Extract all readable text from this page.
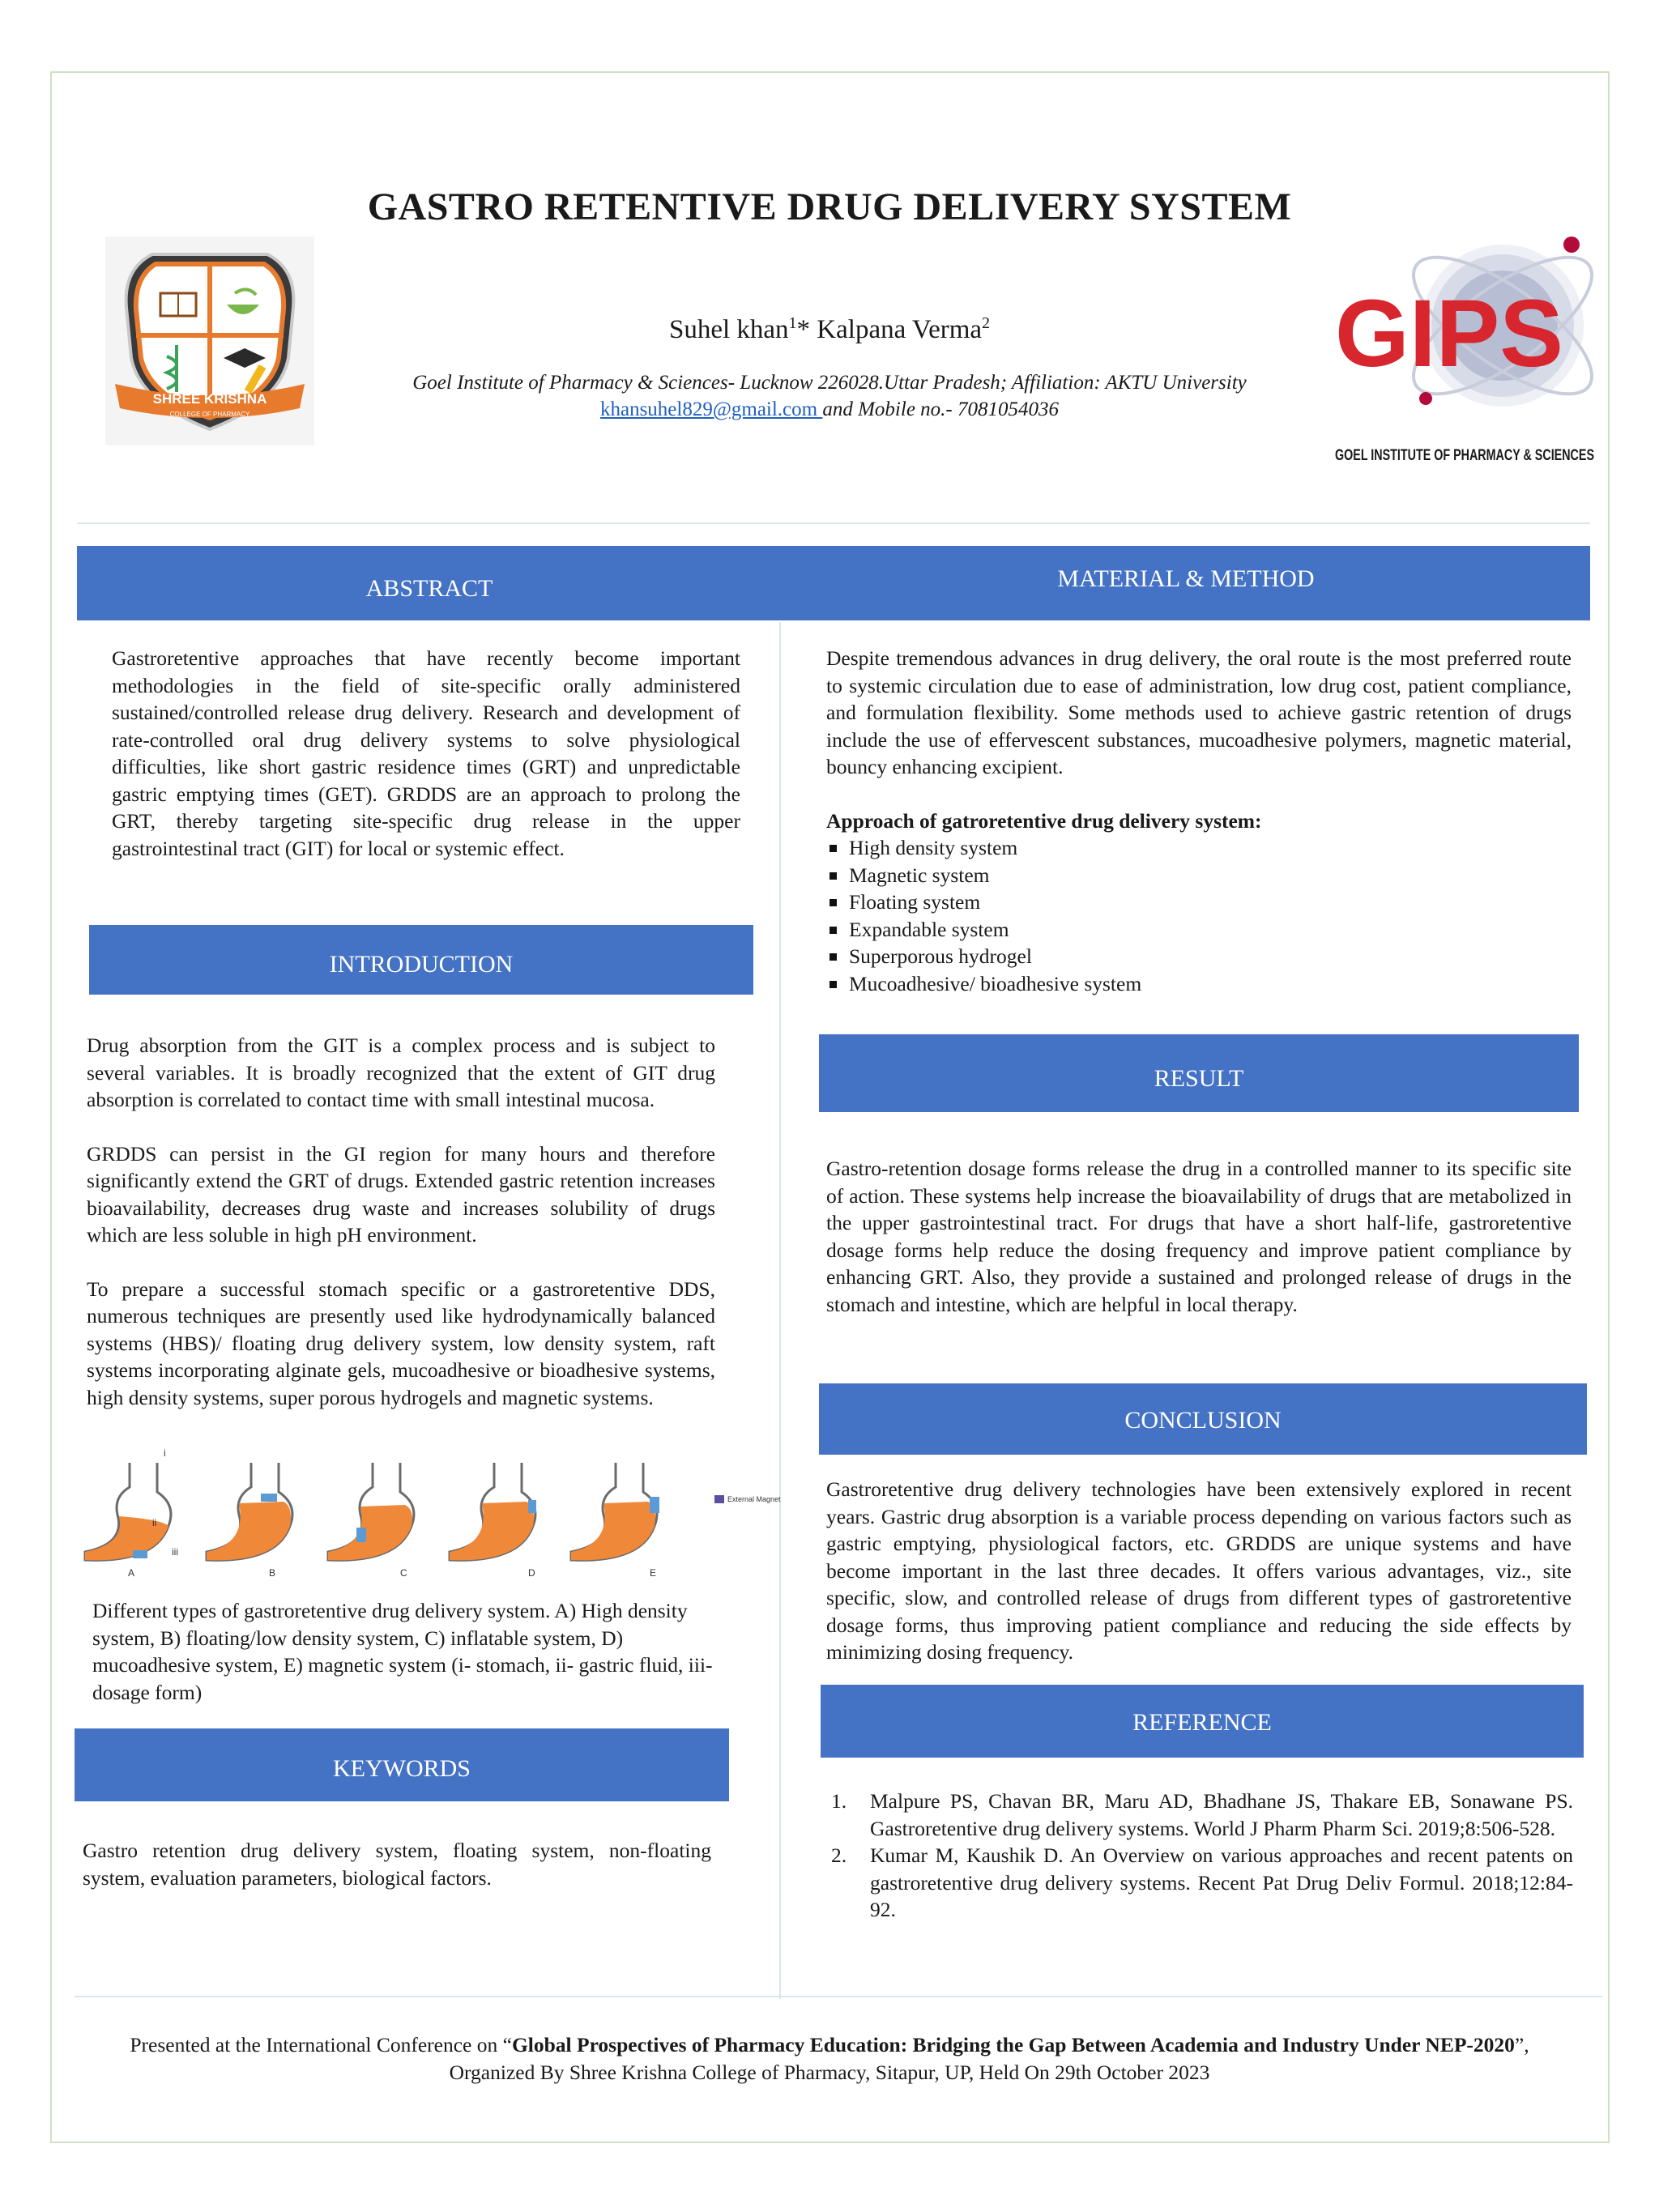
GASTRO RETENTIVE DRUG DELIVERY SYSTEM
Suhel khan$^1$* Kalpana Verma$^2$
Goel Institute of Pharmacy & Sciences- Lucknow 226028.Uttar Pradesh; Affiliation: AKTU University
khansuhel829@gmail.com and Mobile no.- 7081054036
SHREE KRISHNA
COLLEGE OF PHARMACY
GIPS
GOEL INSTITUTE OF PHARMACY & SCIENCES
ABSTRACT	MATERIAL & METHOD
Gastroretentive approaches that have recently become important methodologies in the field of site-specific orally administered sustained/controlled release drug delivery. Research and development of rate-controlled oral drug delivery systems to solve physiological difficulties, like short gastric residence times (GRT) and unpredictable gastric emptying times (GET). GRDDS are an approach to prolong the GRT, thereby targeting site-specific drug release in the upper gastrointestinal tract (GIT) for local or systemic effect.
INTRODUCTION

Drug absorption from the GIT is a complex process and is subject to several variables. It is broadly recognized that the extent of GIT drug absorption is correlated to contact time with small intestinal mucosa.

GRDDS can persist in the GI region for many hours and therefore significantly extend the GRT of drugs. Extended gastric retention increases bioavailability, decreases drug waste and increases solubility of drugs which are less soluble in high pH environment.

To prepare a successful stomach specific or a gastroretentive DDS, numerous techniques are presently used like hydrodynamically balanced systems (HBS)/ floating drug delivery system, low density system, raft systems incorporating alginate gels, mucoadhesive or bioadhesive systems, high density systems, super porous hydrogels and magnetic systems.

i
ii
iii
External Magnet
A	B	C	D	E
Different types of gastroretentive drug delivery system. A) High density system, B) floating/low density system, C) inflatable system, D) mucoadhesive system, E) magnetic system (i- stomach, ii- gastric fluid, iii- dosage form)
KEYWORDS
Gastro retention drug delivery system, floating system, non-floating system, evaluation parameters, biological factors.

Despite tremendous advances in drug delivery, the oral route is the most preferred route to systemic circulation due to ease of administration, low drug cost, patient compliance, and formulation flexibility. Some methods used to achieve gastric retention of drugs include the use of effervescent substances, mucoadhesive polymers, magnetic material, bouncy enhancing excipient.

Approach of gatroretentive drug delivery system:
High density system
Magnetic system
Floating system
Expandable system
Superporous hydrogel
Mucoadhesive/ bioadhesive system
RESULT
Gastro-retention dosage forms release the drug in a controlled manner to its specific site of action. These systems help increase the bioavailability of drugs that are metabolized in the upper gastrointestinal tract. For drugs that have a short half-life, gastroretentive dosage forms help reduce the dosing frequency and improve patient compliance by enhancing GRT. Also, they provide a sustained and prolonged release of drugs in the stomach and intestine, which are helpful in local therapy.
CONCLUSION
Gastroretentive drug delivery technologies have been extensively explored in recent years. Gastric drug absorption is a variable process depending on various factors such as gastric emptying, physiological factors, etc. GRDDS are unique systems and have become important in the last three decades. It offers various advantages, viz., site specific, slow, and controlled release of drugs from different types of gastroretentive dosage forms, thus improving patient compliance and reducing the side effects by minimizing dosing frequency.
REFERENCE
1. Malpure PS, Chavan BR, Maru AD, Bhadhane JS, Thakare EB, Sonawane PS. Gastroretentive drug delivery systems. World J Pharm Pharm Sci. 2019;8:506-528.
2. Kumar M, Kaushik D. An Overview on various approaches and recent patents on gastroretentive drug delivery systems. Recent Pat Drug Deliv Formul. 2018;12:84-92.
Presented at the International Conference on “Global Prospectives of Pharmacy Education: Bridging the Gap Between Academia and Industry Under NEP-2020”,
Organized By Shree Krishna College of Pharmacy, Sitapur, UP, Held On 29th October 2023
